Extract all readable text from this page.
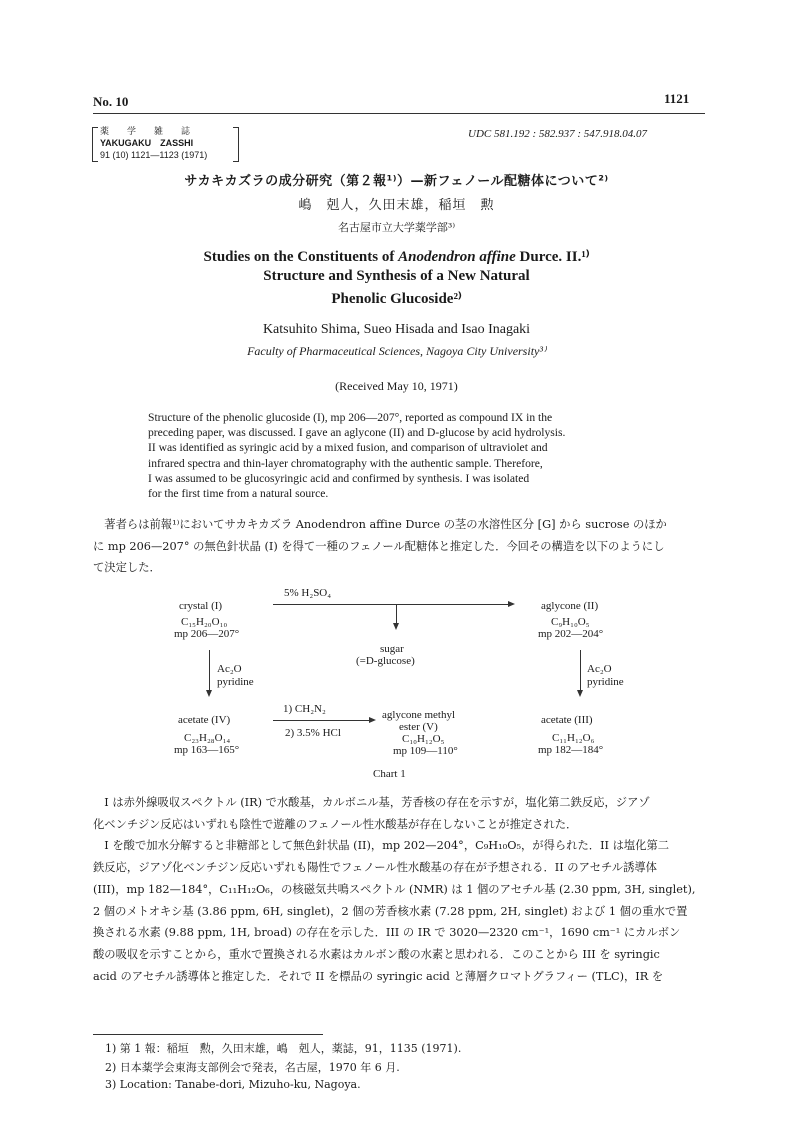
No. 10	1121
薬　　学　　雑　　誌
YAKUGAKU　ZASSHI
91 (10) 1121—1123 (1971)
UDC 581.192 : 582.937 : 547.918.04.07
サカキカズラの成分研究（第２報¹⁾）—新フェノール配糖体について²⁾
嶋　剋人，久田末雄，稲垣　勲
名古屋市立大学薬学部³⁾
Studies on the Constituents of Anodendron affine Durce. II.¹⁾
Structure and Synthesis of a New Natural
Phenolic Glucoside²⁾
Katsuhito Shima, Sueo Hisada and Isao Inagaki
Faculty of Pharmaceutical Sciences, Nagoya City University³⁾
(Received May 10, 1971)
Structure of the phenolic glucoside (I), mp 206—207°, reported as compound IX in the
preceding paper, was discussed. I gave an aglycone (II) and D-glucose by acid hydrolysis.
II was identified as syringic acid by a mixed fusion, and comparison of ultraviolet and
infrared spectra and thin-layer chromatography with the authentic sample. Therefore,
I was assumed to be glucosyringic acid and confirmed by synthesis. I was isolated
for the first time from a natural source.
　著者らは前報¹⁾においてサカキカズラ Anodendron affine Durce の茎の水溶性区分 [G] から sucrose のほか
に mp 206—207° の無色針状晶 (I) を得て一種のフェノール配糖体と推定した．今回その構造を以下のようにし
て決定した．
crystal (I)
C₁₅H₂₀O₁₀
mp 206—207°
5% H₂SO₄
sugar
(=D-glucose)
aglycone (II)
C₉H₁₀O₅
mp 202—204°
Ac₂O
pyridine
Ac₂O
pyridine
acetate (IV)
C₂₃H₂₈O₁₄
mp 163—165°
1) CH₂N₂
2) 3.5% HCl
aglycone methyl
ester (V)
C₁₀H₁₂O₅
mp 109—110°
acetate (III)
C₁₁H₁₂O₆
mp 182—184°
Chart 1
　I は赤外線吸収スペクトル (IR) で水酸基，カルボニル基，芳香核の存在を示すが，塩化第二鉄反応，ジアゾ
化ベンチジン反応はいずれも陰性で遊離のフェノール性水酸基が存在しないことが推定された．
　I を酸で加水分解すると非糖部として無色針状晶 (II)，mp 202—204°，C₉H₁₀O₅，が得られた．II は塩化第二
鉄反応，ジアゾ化ベンチジン反応いずれも陽性でフェノール性水酸基の存在が予想される．II のアセチル誘導体
(III)，mp 182—184°，C₁₁H₁₂O₆，の核磁気共鳴スペクトル (NMR) は 1 個のアセチル基 (2.30 ppm, 3H, singlet),
2 個のメトオキシ基 (3.86 ppm, 6H, singlet)，2 個の芳香核水素 (7.28 ppm, 2H, singlet) および 1 個の重水で置
換される水素 (9.88 ppm, 1H, broad) の存在を示した．III の IR で 3020—2320 cm⁻¹，1690 cm⁻¹ にカルボン
酸の吸収を示すことから，重水で置換される水素はカルボン酸の水素と思われる．このことから III を syringic
acid のアセチル誘導体と推定した．それで II を標品の syringic acid と薄層クロマトグラフィー (TLC)，IR を
1) 第 1 報：稲垣　勲，久田末雄，嶋　剋人，薬誌，91，1135 (1971).
2) 日本薬学会東海支部例会で発表，名古屋，1970 年 6 月.
3) Location: Tanabe-dori, Mizuho-ku, Nagoya.
